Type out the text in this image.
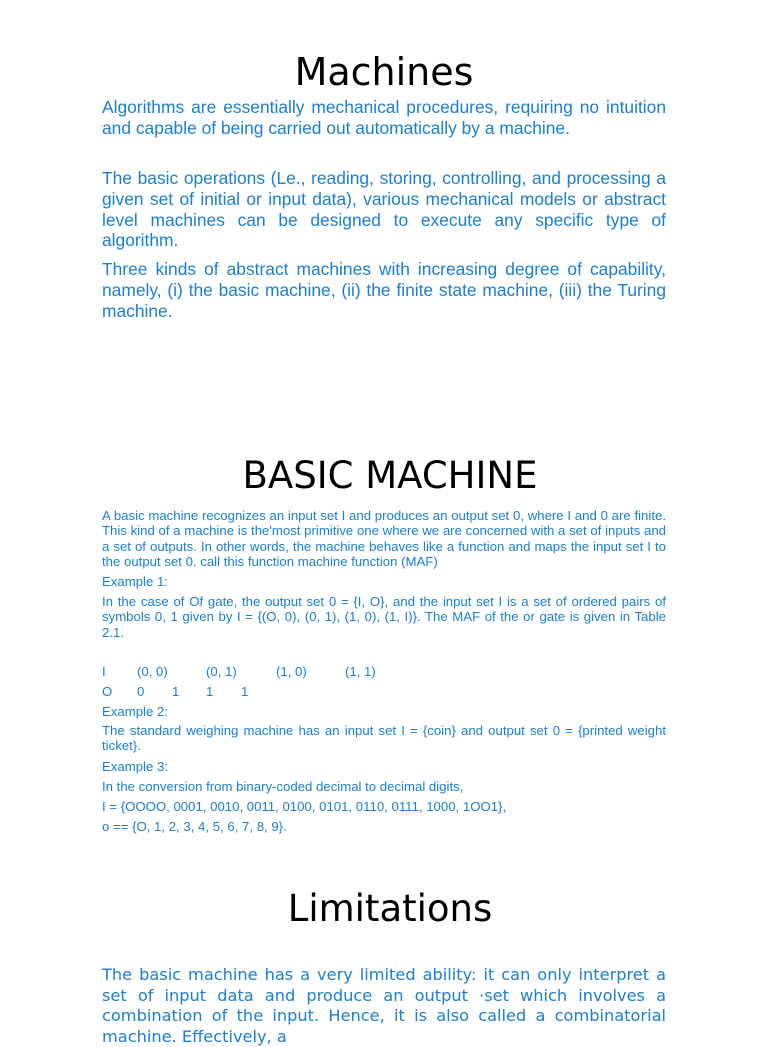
Machines

Algorithms are essentially mechanical procedures, requiring no intuition and capable of being carried out automatically by a machine.

The basic operations (Le., reading, storing, controlling, and processing a given set of initial or input data), various mechanical models or abstract level machines can be designed to execute any specific type of algorithm.

Three kinds of abstract machines with increasing degree of capability, namely, (i) the basic machine, (ii) the finite state machine, (iii) the Turing machine.

BASIC MACHINE

A basic machine recognizes an input set I and produces an output set 0, where I and 0 are finite. This kind of a machine is the'most primitive one where we are concerned with a set of inputs and a set of outputs. In other words, the machine behaves like a function and maps the input set I to the output set 0. call this function machine function (MAF)

Example 1:

In the case of Of gate, the output set 0 = {I, O}, and the input set I is a set of ordered pairs of symbols 0, 1 given by I = {(O, 0), (0, 1), (1, 0), (1, I)}. The MAF of the or gate is given in Table 2.1.

I (0, 0)	(0, 1)	(1, 0)	(1, 1)
O 0 1 1 1

Example 2:

The standard weighing machine has an input set I = {coin} and output set 0 = {printed weight ticket}.

Example 3:

In the conversion from binary-coded decimal to decimal digits,

I = {OOOO, 0001, 0010, 0011, 0100, 0101, 0110, 0111, 1000, 1OO1},

o == {O, 1, 2, 3, 4, 5, 6, 7, 8, 9}.

Limitations

The basic machine has a very limited ability: it can only interpret a set of input data and produce an output ·set which involves a combination of the input. Hence, it is also called a combinatorial machine. Effectively, a
